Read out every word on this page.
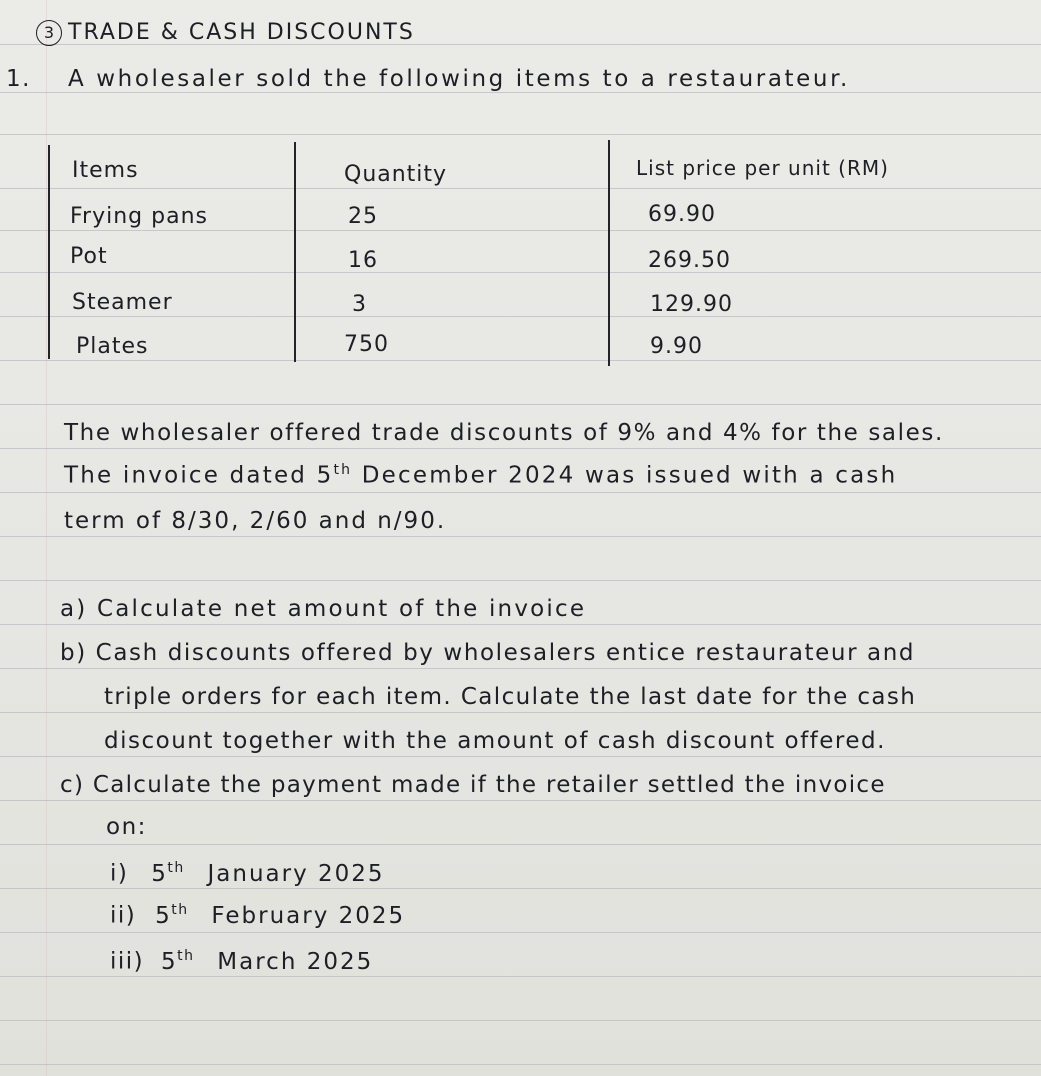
3 TRADE & CASH DISCOUNTS
1. A wholesaler sold the following items to a restaurateur.
Items	Quantity	List price per unit (RM)
Frying pans	25	69.90
Pot	16	269.50
Steamer	3	129.90
Plates	750	9.90
The wholesaler offered trade discounts of 9% and 4% for the sales.
The invoice dated 5th December 2024 was issued with a cash
term of 8/30, 2/60 and n/90.
a) Calculate net amount of the invoice
b) Cash discounts offered by wholesalers entice restaurateur and
triple orders for each item. Calculate the last date for the cash
discount together with the amount of cash discount offered.
c) Calculate the payment made if the retailer settled the invoice
on:
i) 5th January 2025
ii) 5th February 2025
iii) 5th March 2025
